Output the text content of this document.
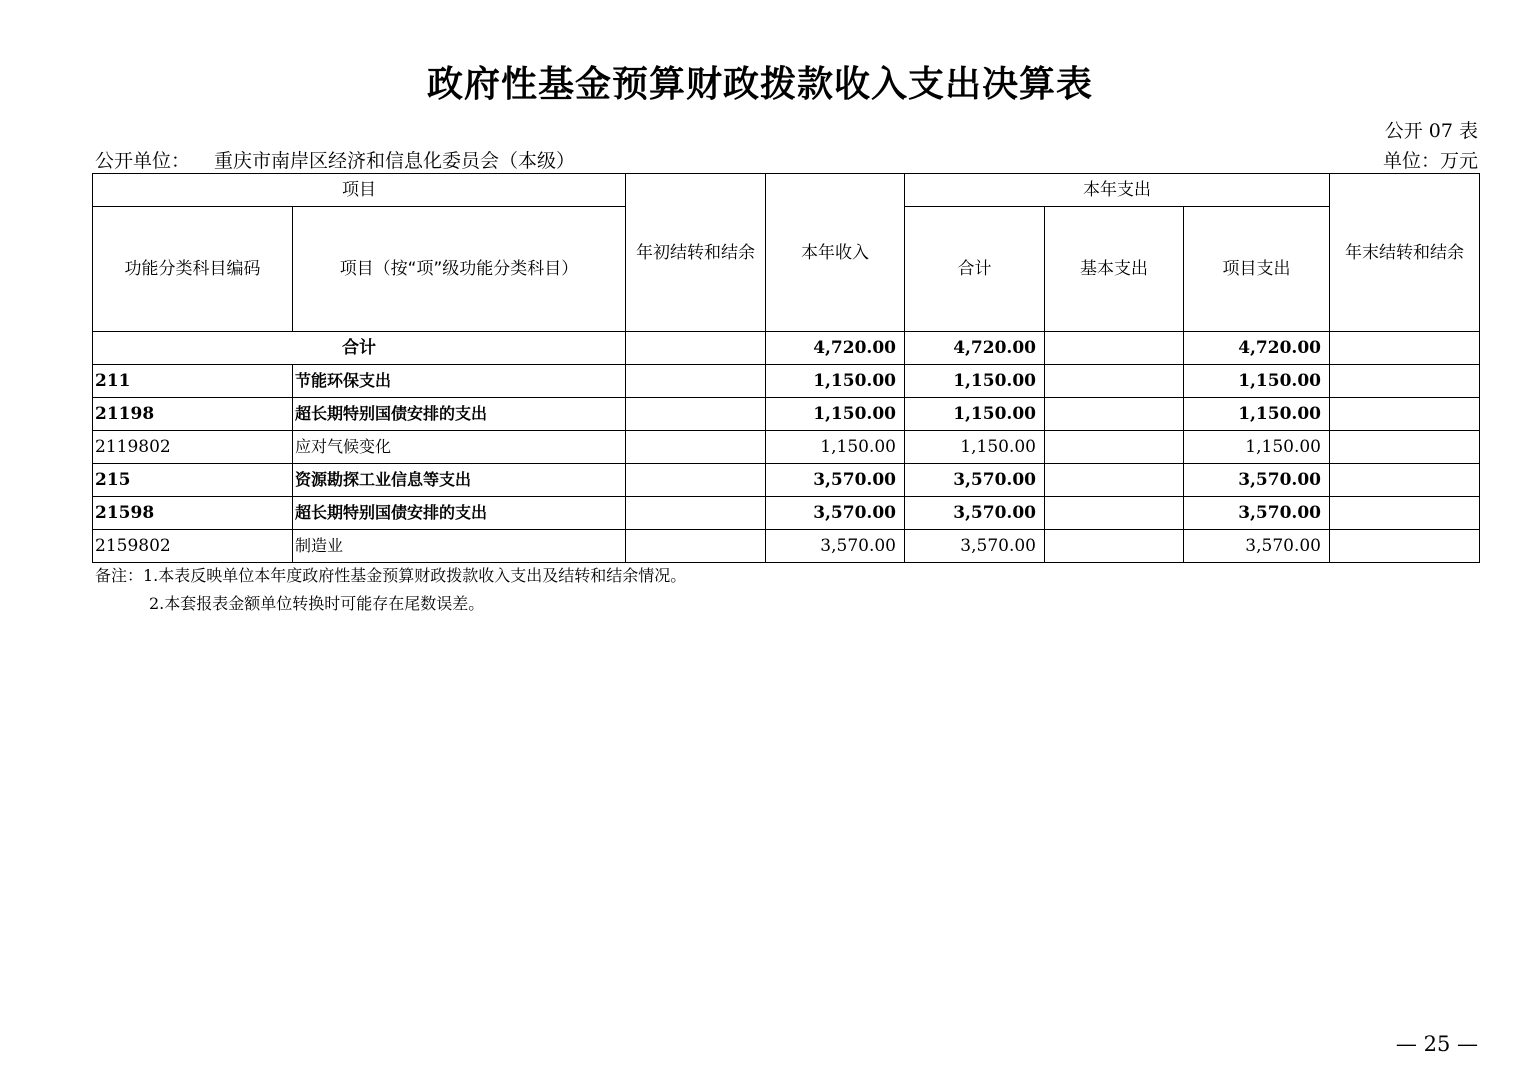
政府性基金预算财政拨款收入支出决算表
公开 07 表
公开单位： 重庆市南岸区经济和信息化委员会（本级）	单位：万元
项目		年初结转和结余	本年收入	本年支出			年末结转和结余
功能分类科目编码	项目（按“项”级功能分类科目）			合计	基本支出	项目支出	
合计			4,720.00	4,720.00		4,720.00	
211	节能环保支出		1,150.00	1,150.00		1,150.00	
21198	超长期特别国债安排的支出		1,150.00	1,150.00		1,150.00	
2119802	应对气候变化		1,150.00	1,150.00		1,150.00	
215	资源勘探工业信息等支出		3,570.00	3,570.00		3,570.00	
21598	超长期特别国债安排的支出		3,570.00	3,570.00		3,570.00	
2159802	制造业		3,570.00	3,570.00		3,570.00	
备注：1.本表反映单位本年度政府性基金预算财政拨款收入支出及结转和结余情况。
2.本套报表金额单位转换时可能存在尾数误差。
— 25 —
